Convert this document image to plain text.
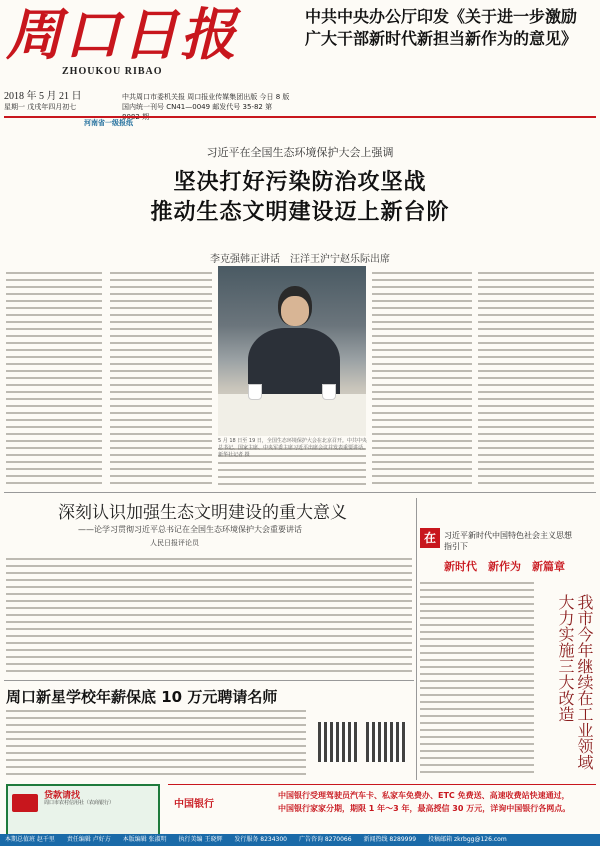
周口日报
ZHOUKOU RIBAO
2018 年 5 月 21 日
星期一 戊戌年四月初七
中共周口市委机关报 周口报业传媒集团出版 今日 8 版
国内统一刊号 CN41—0049 邮发代号 35-82 第
河南省一级报纸
中共中央办公厅印发《关于进一步激励
广大干部新时代新担当新作为的意见》
习近平在全国生态环境保护大会上强调
坚决打好污染防治攻坚战
推动生态文明建设迈上新台阶
李克强韩正讲话　汪洋王沪宁赵乐际出席
5 月 18 日至 19 日，全国生态环境保护大会在北京召开。中共中央总书记、国家主席、中央军委主席习近平出席会议并发表重要讲话。新华社记者 摄
深刻认识加强生态文明建设的重大意义
——论学习贯彻习近平总书记在全国生态环境保护大会重要讲话
人民日报评论员	在	习近平新时代中国特色社会主义思想
指引下
新时代　新作为　新篇章
我市今年继续在工业领域大力实施三大改造
周口新星学校年薪保底 10 万元聘请名师
贷款请找
周口市农村信用社（农商银行）	中国银行
中国银行受理驾驶员汽车卡、私家车免费办、ETC 免费送、高速收费站快速通过，
中国银行家家分期，期限 1 年～3 年，最高授信 30 万元，详询中国银行各网点。
本期总值班 赵千里 责任编辑 卢好方 本版编辑 张淑明 执行美编 王晓辉 发行服务 8234300 广告咨询 8270066 新闻热线 8289999 投稿邮箱 zkrbgg@126.com
